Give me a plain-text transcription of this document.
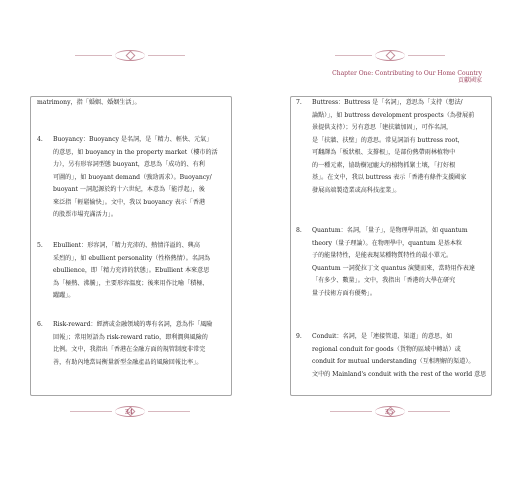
Chapter One: Contributing to Our Home Country
貢獻國家
matrimony，指「婚姻、婚姻生活」。
4. Buoyancy：Buoyancy 是名詞，是「精力、輕快、元氣」
的意思，如 buoyancy in the property market（樓市的活
力），另有形容詞型態 buoyant，意思為「成功的、有利
可圖的」，如 buoyant demand（強勁需求）。Buoyancy/
buoyant 一詞起源於約十六世紀，本意為「能浮起」，後
來泛指「輕鬆愉快」。文中，我以 buoyancy 表示「香港
的股票市場充滿活力」。
5. Ebullient：形容詞，「精力充沛的、熱情洋溢的、興高
采烈的」，如 ebullient personality（性格熱情）。名詞為
ebullience，即「精力充沛的狀態」。Ebullient 本來意思
為「極熱、沸騰」，主要形容溫度；後來用作比喻「積極、
躍躍」。
6. Risk-reward：經濟或金融領域的專有名詞，意為作「風險
回報」；常用短語為 risk-reward ratio，即利潤與風險的
比例。文中，我指出「香港在金融方面的規管制度非常完
善，有助內地當局衡量新型金融產品的風險回報比率」。
7. Buttress：Buttress 是「名詞」，意思為「支持（想法/
論點）」，如 buttress development prospects（為發展前
景提供支持）；另有意思「建扶牆加固」，可作名詞，
是「扶牆、扶壁」的意思。常見詞語有 buttress root，
可翻譯為「板狀根、支撐根」，是部份熱帶雨林植物中
的一種元素，協助樹冠龐大的植物抓緊土壤，「打好根
基」。在文中，我以 buttress 表示「香港有條件支援國家
發展高端製造業或高科技產業」。
8. Quantum：名詞，「量子」，是物理學用語，如 quantum
theory（量子理論）。在物理學中，quantum 是基本粒
子的能量特性，是能表現某種物質特性的最小單元。
Quantum 一詞從拉丁文 quantus 演變而來，當時用作表達
「有多少、數量」。文中，我指出「香港的大學在研究
量子技術方面有優勢」。
9. Conduit：名詞，是「連接管道、渠道」的意思，如
regional conduit for goods（貨物的區域中轉站）或
conduit for mutual understanding（互相理解的渠道）。
文中的 Mainland's conduit with the rest of the world 意思
34	35
